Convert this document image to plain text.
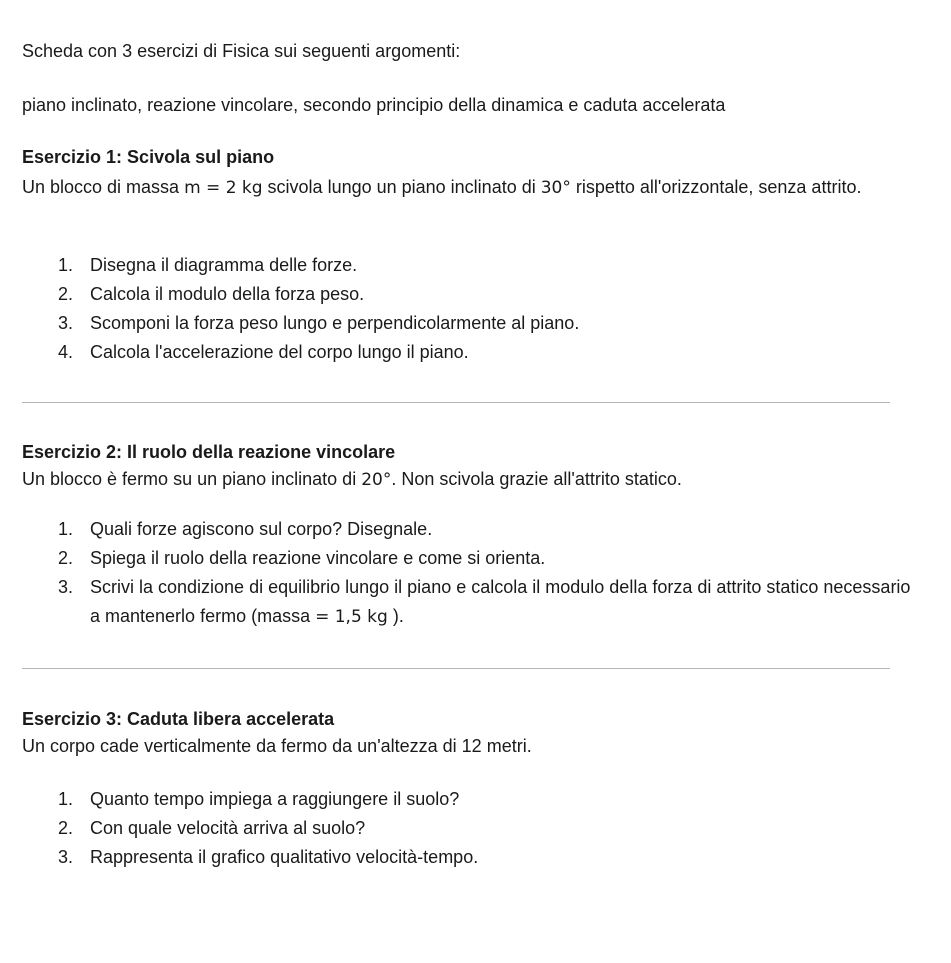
Scheda con 3 esercizi di Fisica sui seguenti argomenti:

piano inclinato, reazione vincolare, secondo principio della dinamica e caduta accelerata

Esercizio 1: Scivola sul piano

Un blocco di massa m = 2 kg scivola lungo un piano inclinato di 30° rispetto all'orizzontale, senza attrito.

1. Disegna il diagramma delle forze.
2. Calcola il modulo della forza peso.
3. Scomponi la forza peso lungo e perpendicolarmente al piano.
4. Calcola l'accelerazione del corpo lungo il piano.

Esercizio 2: Il ruolo della reazione vincolare

Un blocco è fermo su un piano inclinato di 20°. Non scivola grazie all'attrito statico.

1. Quali forze agiscono sul corpo? Disegnale.
2. Spiega il ruolo della reazione vincolare e come si orienta.
3. Scrivi la condizione di equilibrio lungo il piano e calcola il modulo della forza di attrito statico necessario a mantenerlo fermo (massa = 1,5 kg ).

Esercizio 3: Caduta libera accelerata

Un corpo cade verticalmente da fermo da un'altezza di 12 metri.

1. Quanto tempo impiega a raggiungere il suolo?
2. Con quale velocità arriva al suolo?
3. Rappresenta il grafico qualitativo velocità-tempo.
